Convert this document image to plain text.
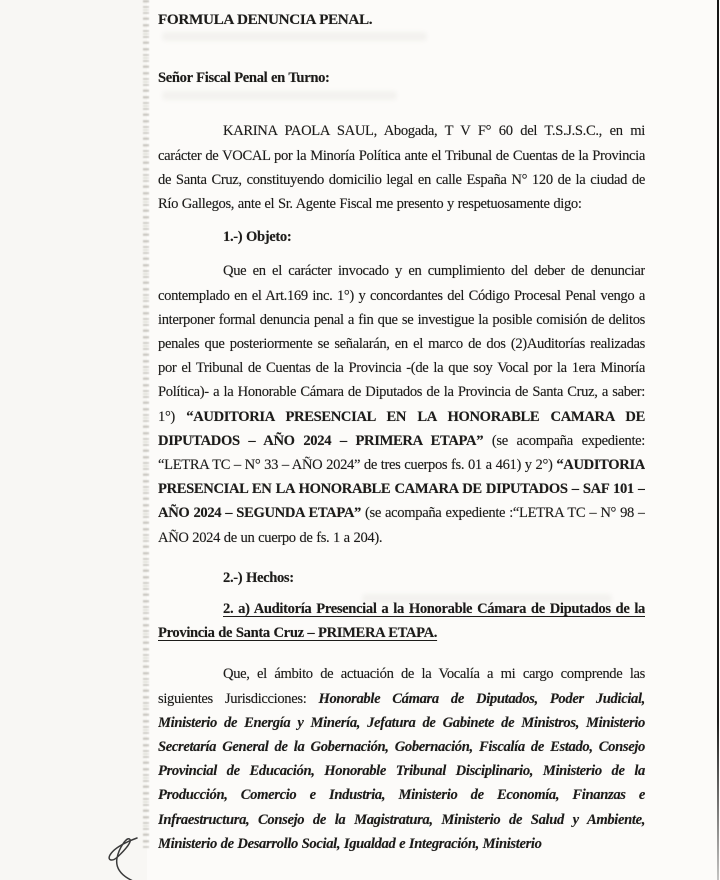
FORMULA DENUNCIA PENAL.

Señor Fiscal Penal en Turno:

KARINA PAOLA SAUL, Abogada, T V F° 60 del T.S.J.S.C., en mi carácter de VOCAL por la Minoría Política ante el Tribunal de Cuentas de la Provincia de Santa Cruz, constituyendo domicilio legal en calle España N° 120 de la ciudad de Río Gallegos, ante el Sr. Agente Fiscal me presento y respetuosamente digo:

1.-) Objeto:

Que en el carácter invocado y en cumplimiento del deber de denunciar contemplado en el Art.169 inc. 1°) y concordantes del Código Procesal Penal vengo a interponer formal denuncia penal a fin que se investigue la posible comisión de delitos penales que posteriormente se señalarán, en el marco de dos (2)Auditorías realizadas por el Tribunal de Cuentas de la Provincia -(de la que soy Vocal por la 1era Minoría Política)- a la Honorable Cámara de Diputados de la Provincia de Santa Cruz, a saber: 1°) “AUDITORIA PRESENCIAL EN LA HONORABLE CAMARA DE DIPUTADOS – AÑO 2024 – PRIMERA ETAPA” (se acompaña expediente: “LETRA TC – N° 33 – AÑO 2024” de tres cuerpos fs. 01 a 461) y 2°) “AUDITORIA PRESENCIAL EN LA HONORABLE CAMARA DE DIPUTADOS – SAF 101 – AÑO 2024 – SEGUNDA ETAPA” (se acompaña expediente :“LETRA TC – N° 98 – AÑO 2024 de un cuerpo de fs. 1 a 204).

2.-) Hechos:

2. a) Auditoría Presencial a la Honorable Cámara de Diputados de la Provincia de Santa Cruz – PRIMERA ETAPA.

Que, el ámbito de actuación de la Vocalía a mi cargo comprende las siguientes Jurisdicciones: Honorable Cámara de Diputados, Poder Judicial, Ministerio de Energía y Minería, Jefatura de Gabinete de Ministros, Ministerio Secretaría General de la Gobernación, Gobernación, Fiscalía de Estado, Consejo Provincial de Educación, Honorable Tribunal Disciplinario, Ministerio de la Producción, Comercio e Industria, Ministerio de Economía, Finanzas e Infraestructura, Consejo de la Magistratura, Ministerio de Salud y Ambiente, Ministerio de Desarrollo Social, Igualdad e Integración, Ministerio
